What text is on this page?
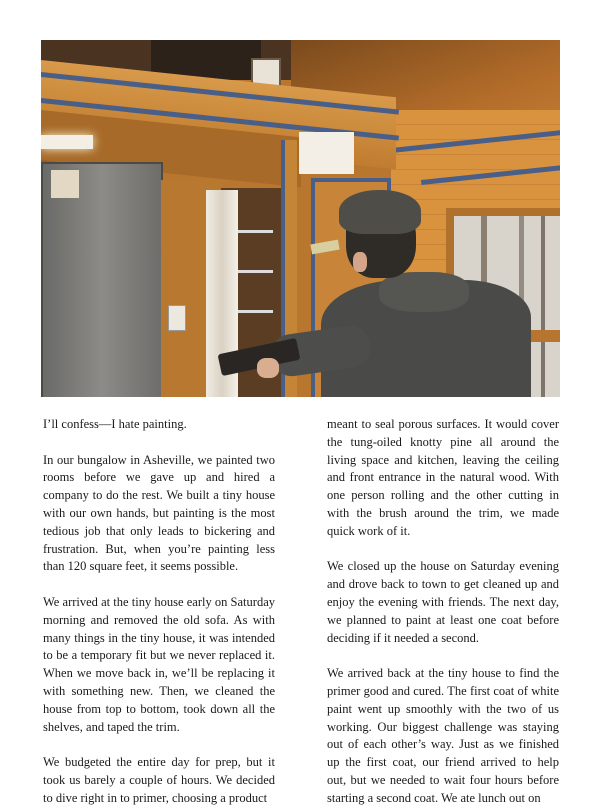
I’ll confess—I hate painting.

In our bungalow in Asheville, we painted two rooms before we gave up and hired a company to do the rest. We built a tiny house with our own hands, but painting is the most tedious job that only leads to bickering and frustration. But, when you’re painting less than 120 square feet, it seems possible.

We arrived at the tiny house early on Saturday morning and removed the old sofa. As with many things in the tiny house, it was intended to be a temporary fit but we never replaced it. When we move back in, we’ll be replacing it with something new. Then, we cleaned the house from top to bottom, took down all the shelves, and taped the trim.

We budgeted the entire day for prep, but it took us barely a couple of hours. We decided to dive right in to primer, choosing a product

meant to seal porous surfaces. It would cover the tung-oiled knotty pine all around the living space and kitchen, leaving the ceiling and front entrance in the natural wood. With one person rolling and the other cutting in with the brush around the trim, we made quick work of it.

We closed up the house on Saturday evening and drove back to town to get cleaned up and enjoy the evening with friends. The next day, we planned to paint at least one coat before deciding if it needed a second.

We arrived back at the tiny house to find the primer good and cured. The first coat of white paint went up smoothly with the two of us working. Our biggest challenge was staying out of each other’s way. Just as we finished up the first coat, our friend arrived to help out, but we needed to wait four hours before starting a second coat. We ate lunch out on
